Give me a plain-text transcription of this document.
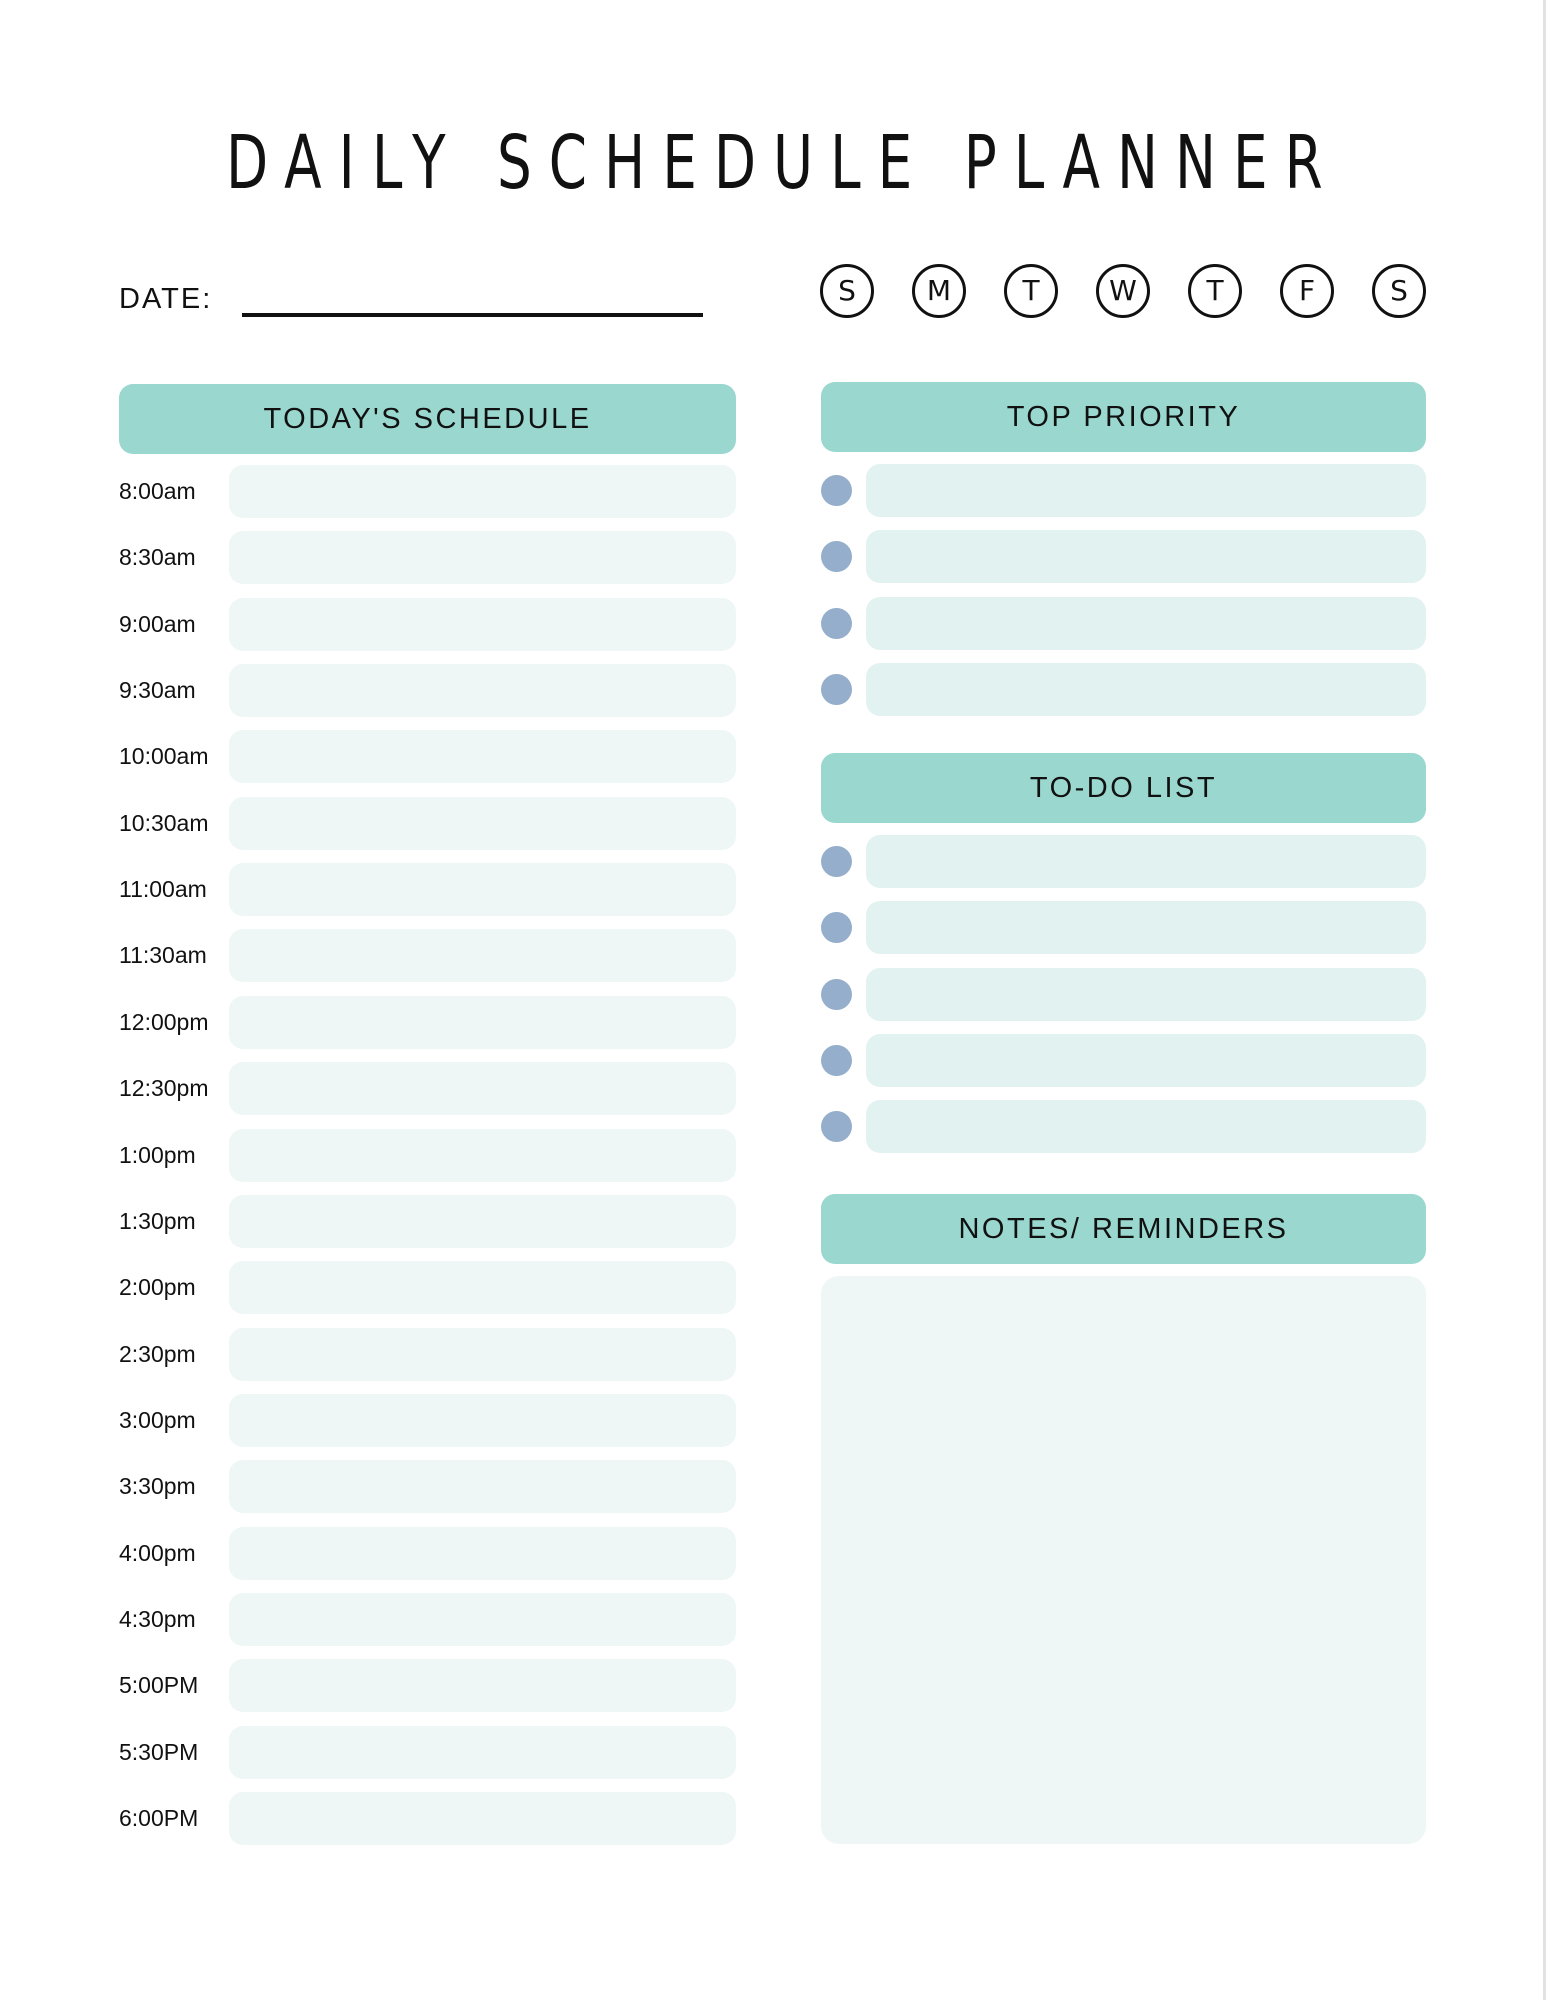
DAILY SCHEDULE PLANNER
DATE:	S	M	T	W	T	F	S
TODAY'S SCHEDULE
8:00am
8:30am
9:00am
9:30am
10:00am
10:30am
11:00am
11:30am
12:00pm
12:30pm
1:00pm
1:30pm
2:00pm
2:30pm
3:00pm
3:30pm
4:00pm
4:30pm
5:00PM
5:30PM
6:00PM
TOP PRIORITY
TO-DO LIST
NOTES/ REMINDERS
